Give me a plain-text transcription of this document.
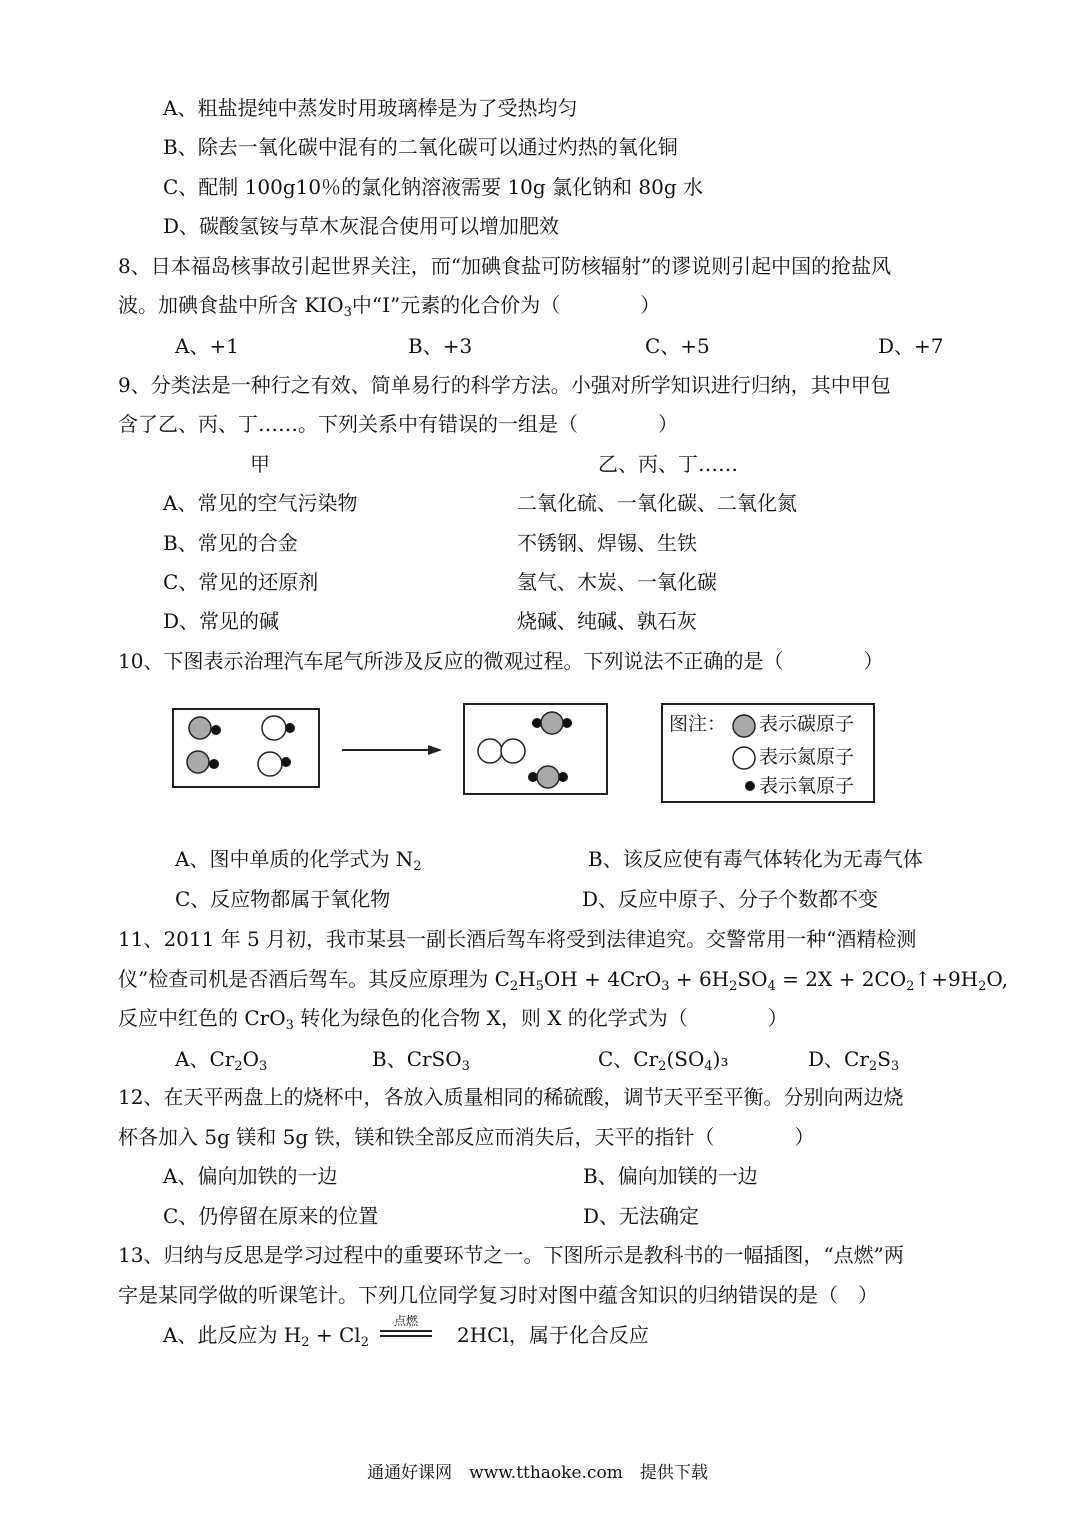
A、粗盐提纯中蒸发时用玻璃棒是为了受热均匀
B、除去一氧化碳中混有的二氧化碳可以通过灼热的氧化铜
C、配制 100g10％的氯化钠溶液需要 10g 氯化钠和 80g 水
D、碳酸氢铵与草木灰混合使用可以增加肥效
8、日本福岛核事故引起世界关注，而“加碘食盐可防核辐射”的谬说则引起中国的抢盐风
波。加碘食盐中所含 $KIO_3$中“I”元素的化合价为（　　　　）
A、+1	B、+3	C、+5	D、+7
9、分类法是一种行之有效、简单易行的科学方法。小强对所学知识进行归纳，其中甲包
含了乙、丙、丁……。下列关系中有错误的一组是（　　　　）
甲	乙、丙、丁……
A、常见的空气污染物	二氧化硫、一氧化碳、二氧化氮
B、常见的合金	不锈钢、焊锡、生铁
C、常见的还原剂	氢气、木炭、一氧化碳
D、常见的碱	烧碱、纯碱、孰石灰
10、下图表示治理汽车尾气所涉及反应的微观过程。下列说法不正确的是（　　　　）
图注： 表示碳原子
表示氮原子
表示氧原子
A、图中单质的化学式为 $N_2$	B、该反应使有毒气体转化为无毒气体
C、反应物都属于氧化物	D、反应中原子、分子个数都不变
11、2011 年 5 月初，我市某县一副长酒后驾车将受到法律追究。交警常用一种“酒精检测
仪”检查司机是否酒后驾车。其反应原理为 $C_2H_5OH + 4CrO_3 + 6H_2SO_4 = 2X$ + $2CO_2↑+9H_2O$,
反应中红色的 CrO$_3$ 转化为绿色的化合物 X，则 X 的化学式为（　　　　）
A、$Cr_2O_3$	B、CrSO$_3$	C、$Cr_2(SO_4)_3$	D、$Cr_2S_3$
12、在天平两盘上的烧杯中，各放入质量相同的稀硫酸，调节天平至平衡。分别向两边烧
杯各加入 5g 镁和 5g 铁，镁和铁全部反应而消失后，天平的指针（　　　　）
A、偏向加铁的一边	B、偏向加镁的一边
C、仍停留在原来的位置	D、无法确定
13、归纳与反思是学习过程中的重要环节之一。下图所示是教科书的一幅插图，“点燃”两
字是某同学做的听课笔计。下列几位同学复习时对图中蕴含知识的归纳错误的是（　）
A、此反应为 $H_2 + Cl_2$
点燃
2HCl，属于化合反应
通通好课网　www.tthaoke.com　提供下载
